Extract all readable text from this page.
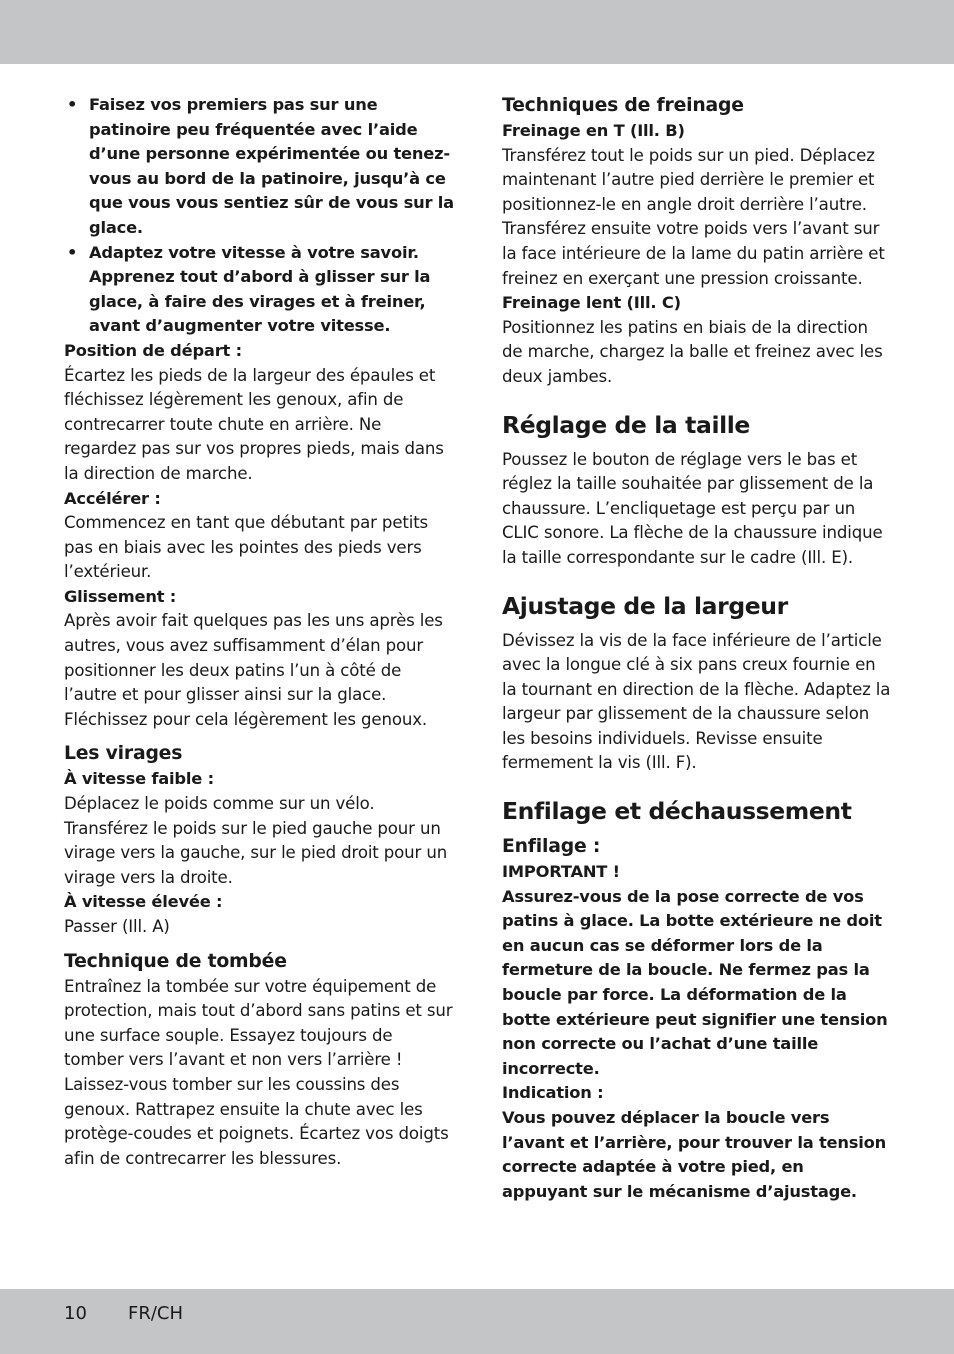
• Faisez vos premiers pas sur une patinoire peu fréquentée avec l’aide d’une personne expérimentée ou tenez-vous au bord de la patinoire, jusqu’à ce que vous vous sentiez sûr de vous sur la glace.
• Adaptez votre vitesse à votre savoir. Apprenez tout d’abord à glisser sur la glace, à faire des virages et à freiner, avant d’augmenter votre vitesse.

Position de départ :

Écartez les pieds de la largeur des épaules et fléchissez légèrement les genoux, afin de contrecarrer toute chute en arrière. Ne regardez pas sur vos propres pieds, mais dans la direction de marche.

Accélérer :

Commencez en tant que débutant par petits pas en biais avec les pointes des pieds vers l’extérieur.

Glissement :

Après avoir fait quelques pas les uns après les autres, vous avez suffisamment d’élan pour positionner les deux patins l’un à côté de l’autre et pour glisser ainsi sur la glace.

Fléchissez pour cela légèrement les genoux.

Les virages

À vitesse faible :

Déplacez le poids comme sur un vélo. Transférez le poids sur le pied gauche pour un virage vers la gauche, sur le pied droit pour un virage vers la droite.

À vitesse élevée :

Passer (Ill. A)

Technique de tombée

Entraînez la tombée sur votre équipement de protection, mais tout d’abord sans patins et sur une surface souple. Essayez toujours de tomber vers l’avant et non vers l’arrière !

Laissez-vous tomber sur les coussins des genoux. Rattrapez ensuite la chute avec les protège-coudes et poignets. Écartez vos doigts afin de contrecarrer les blessures.

Techniques de freinage

Freinage en T (Ill. B)

Transférez tout le poids sur un pied. Déplacez maintenant l’autre pied derrière le premier et positionnez-le en angle droit derrière l’autre. Transférez ensuite votre poids vers l’avant sur la face intérieure de la lame du patin arrière et freinez en exerçant une pression croissante.

Freinage lent (Ill. C)

Positionnez les patins en biais de la direction de marche, chargez la balle et freinez avec les deux jambes.

Réglage de la taille

Poussez le bouton de réglage vers le bas et réglez la taille souhaitée par glissement de la chaussure. L’encliquetage est perçu par un CLIC sonore. La flèche de la chaussure indique la taille correspondante sur le cadre (Ill. E).

Ajustage de la largeur

Dévissez la vis de la face inférieure de l’article avec la longue clé à six pans creux fournie en la tournant en direction de la flèche. Adaptez la largeur par glissement de la chaussure selon les besoins individuels. Revisse ensuite fermement la vis (Ill. F).

Enfilage et déchaussement
Enfilage :

IMPORTANT !

Assurez-vous de la pose correcte de vos patins à glace. La botte extérieure ne doit en aucun cas se déformer lors de la fermeture de la boucle. Ne fermez pas la boucle par force. La déformation de la botte extérieure peut signifier une tension non correcte ou l’achat d’une taille incorrecte.

Indication :

Vous pouvez déplacer la boucle vers l’avant et l’arrière, pour trouver la tension correcte adaptée à votre pied, en appuyant sur le mécanisme d’ajustage.

10 FR/CH
